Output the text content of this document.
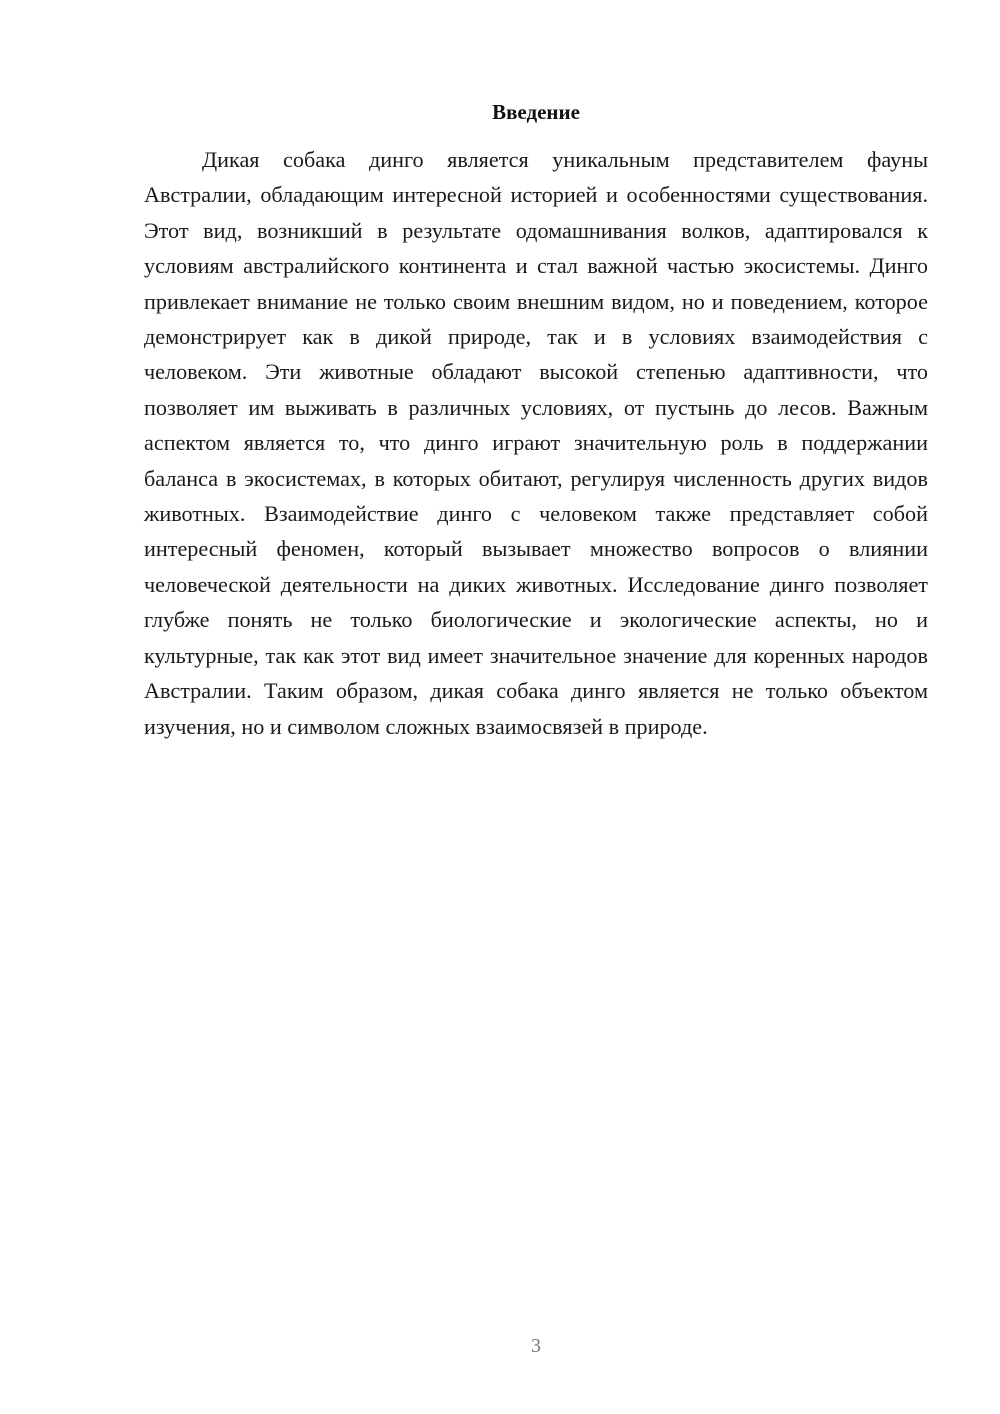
Введение

Дикая собака динго является уникальным представителем фауны Австралии, обладающим интересной историей и особенностями существования. Этот вид, возникший в результате одомашнивания волков, адаптировался к условиям австралийского континента и стал важной частью экосистемы. Динго привлекает внимание не только своим внешним видом, но и поведением, которое демонстрирует как в дикой природе, так и в условиях взаимодействия с человеком. Эти животные обладают высокой степенью адаптивности, что позволяет им выживать в различных условиях, от пустынь до лесов. Важным аспектом является то, что динго играют значительную роль в поддержании баланса в экосистемах, в которых обитают, регулируя численность других видов животных. Взаимодействие динго с человеком также представляет собой интересный феномен, который вызывает множество вопросов о влиянии человеческой деятельности на диких животных. Исследование динго позволяет глубже понять не только биологические и экологические аспекты, но и культурные, так как этот вид имеет значительное значение для коренных народов Австралии. Таким образом, дикая собака динго является не только объектом изучения, но и символом сложных взаимосвязей в природе.

3
